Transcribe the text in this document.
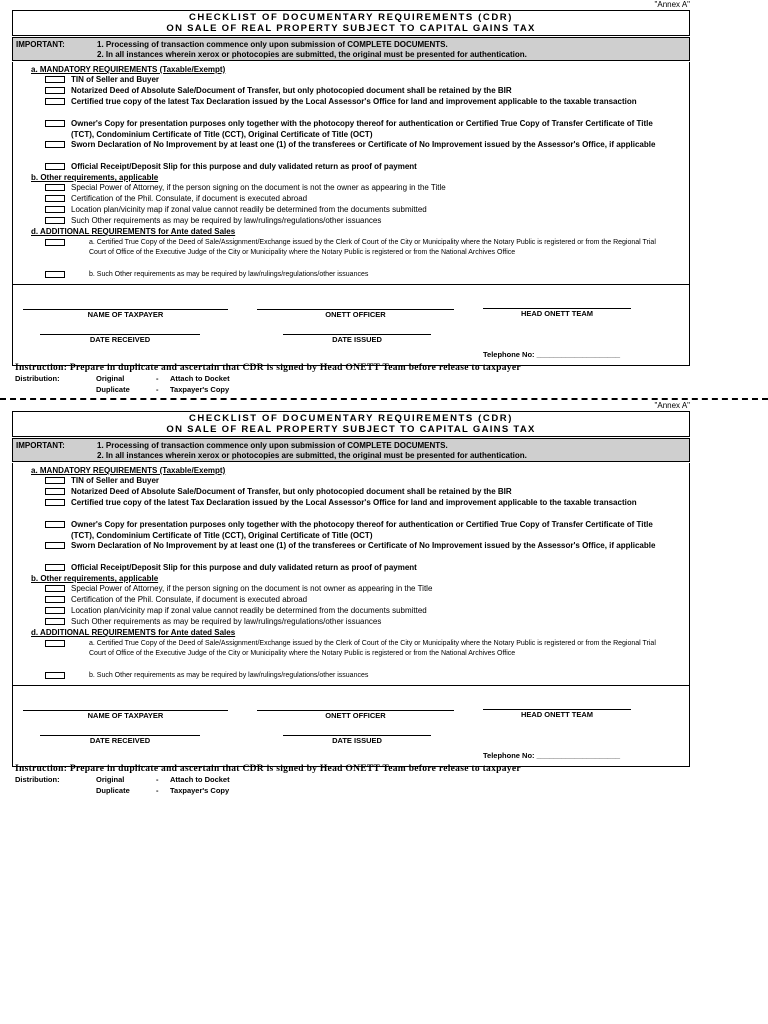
"Annex A"
CHECKLIST OF DOCUMENTARY REQUIREMENTS (CDR)
ON SALE OF REAL PROPERTY SUBJECT TO CAPITAL GAINS TAX
IMPORTANT:	1. Processing of transaction commence only upon submission of COMPLETE DOCUMENTS.
2. In all instances wherein xerox or photocopies are submitted, the original must be presented for authentication.
a. MANDATORY REQUIREMENTS (Taxable/Exempt)
TIN of Seller and Buyer
Notarized Deed of Absolute Sale/Document of Transfer, but only photocopied document shall be retained by the BIR
Certified true copy of the latest Tax Declaration issued by the Local Assessor's Office for land and improvement applicable to the taxable transaction
Owner's Copy for presentation purposes only together with the photocopy thereof for authentication or Certified True Copy of Transfer Certificate of Title (TCT), Condominium Certificate of Title (CCT), Original Certificate of Title (OCT)
Sworn Declaration of No Improvement by at least one (1) of the transferees or Certificate of No Improvement issued by the Assessor's Office, if applicable
Official Receipt/Deposit Slip for this purpose and duly validated return as proof of payment
b. Other requirements, applicable
Special Power of Attorney, if the person signing on the document is not the owner as appearing in the Title
Certification of the Phil. Consulate, if document is executed abroad
Location plan/vicinity map if zonal value cannot readily be determined from the documents submitted
Such Other requirements as may be required by law/rulings/regulations/other issuances
d. ADDITIONAL REQUIREMENTS for Ante dated Sales
a. Certified True Copy of the Deed of Sale/Assignment/Exchange issued by the Clerk of Court of the City or Municipality where the Notary Public is registered or from the Regional Trial Court of Office of the Executive Judge of the City or Municipality where the Notary Public is registered or from the National Archives Office
b. Such Other requirements as may be required by law/rulings/regulations/other issuances
NAME OF TAXPAYER	ONETT OFFICER	HEAD ONETT TEAM
DATE RECEIVED	DATE ISSUED
Telephone No: ____________________
Instruction: Prepare in duplicate and ascertain that CDR is signed by Head ONETT Team before release to taxpayer
Distribution:	Original	- Attach to Docket
Duplicate	- Taxpayer's Copy
"Annex A"
CHECKLIST OF DOCUMENTARY REQUIREMENTS (CDR)
ON SALE OF REAL PROPERTY SUBJECT TO CAPITAL GAINS TAX
IMPORTANT:	1. Processing of transaction commence only upon submission of COMPLETE DOCUMENTS.
2. In all instances wherein xerox or photocopies are submitted, the original must be presented for authentication.
a. MANDATORY REQUIREMENTS (Taxable/Exempt)
TIN of Seller and Buyer
Notarized Deed of Absolute Sale/Document of Transfer, but only photocopied document shall be retained by the BIR
Certified true copy of the latest Tax Declaration issued by the Local Assessor's Office for land and improvement applicable to the taxable transaction
Owner's Copy for presentation purposes only together with the photocopy thereof for authentication or Certified True Copy of Transfer Certificate of Title (TCT), Condominium Certificate of Title (CCT), Original Certificate of Title (OCT)
Sworn Declaration of No Improvement by at least one (1) of the transferees or Certificate of No Improvement issued by the Assessor's Office, if applicable
Official Receipt/Deposit Slip for this purpose and duly validated return as proof of payment
b. Other requirements, applicable
Special Power of Attorney, if the person signing on the document is not owner as appearing in the Title
Certification of the Phil. Consulate, if document is executed abroad
Location plan/vicinity map if zonal value cannot readily be determined from the documents submitted
Such Other requirements as may be required by law/rulings/regulations/other issuances
d. ADDITIONAL REQUIREMENTS for Ante dated Sales
a. Certified True Copy of the Deed of Sale/Assignment/Exchange issued by the Clerk of Court of the City or Municipality where the Notary Public is registered or from the Regional Trial Court of Office of the Executive Judge of the City or Municipality where the Notary Public is registered or from the National Archives Office
b. Such Other requirements as may be required by law/rulings/regulations/other issuances
NAME OF TAXPAYER	ONETT OFFICER	HEAD ONETT TEAM
DATE RECEIVED	DATE ISSUED
Telephone No: ____________________
Instruction: Prepare in duplicate and ascertain that CDR is signed by Head ONETT Team before release to taxpayer
Distribution:	Original	- Attach to Docket
Duplicate	- Taxpayer's Copy
